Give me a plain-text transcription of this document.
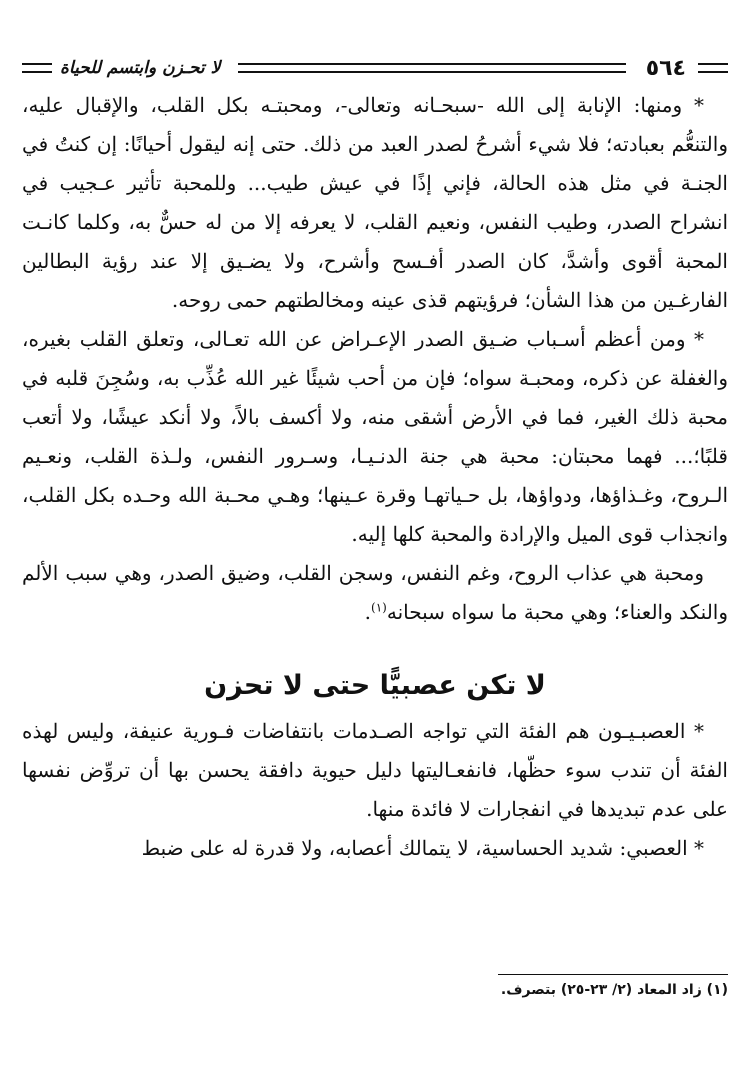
٥٦٤
لا تحـزن وابتسم للحياة

* ومنها: الإنابة إلى الله -سبحـانه وتعالى-، ومحبتـه بكل القلب، والإقبال عليه، والتنعُّم بعبادته؛ فلا شيء أشرحُ لصدر العبد من ذلك. حتى إنه ليقول أحيانًا: إن كنتُ في الجنـة في مثل هذه الحالة، فإني إذًا في عيش طيب... وللمحبة تأثير عـجيب في انشراح الصدر، وطيب النفس، ونعيم القلب، لا يعرفه إلا من له حسٌّ به، وكلما كانـت المحبة أقوى وأشدَّ، كان الصدر أفـسح وأشرح، ولا يضـيق إلا عند رؤية البطالين الفارغـين من هذا الشأن؛ فرؤيتهم قذى عينه ومخالطتهم حمى روحه.

* ومن أعظم أسـباب ضـيق الصدر الإعـراض عن الله تعـالى، وتعلق القلب بغيره، والغفلة عن ذكره، ومحبـة سواه؛ فإن من أحب شيئًا غير الله عُذِّب به، وسُجِنَ قلبه في محبة ذلك الغير، فما في الأرض أشقى منه، ولا أكسف بالاً، ولا أنكد عيشًا، ولا أتعب قلبًا؛... فهما محبتان: محبة هي جنة الدنـيـا، وسـرور النفس، ولـذة القلب، ونعـيم الـروح، وغـذاؤها، ودواؤها، بل حـياتهـا وقرة عـينها؛ وهـي محـبة الله وحـده بكل القلب، وانجذاب قوى الميل والإرادة والمحبة كلها إليه.

ومحبة هي عذاب الروح، وغم النفس، وسجن القلب، وضيق الصدر، وهي سبب الألم والنكد والعناء؛ وهي محبة ما سواه سبحانه$^{(١)}$.

لا تكن عصبيًّا حتى لا تحزن

* العصبـيـون هم الفئة التي تواجه الصـدمات بانتفاضات فـورية عنيفة، وليس لهذه الفئة أن تندب سوء حظّها، فانفعـاليتها دليل حيوية دافقة يحسن بها أن تروِّض نفسها على عدم تبديدها في انفجارات لا فائدة منها.

* العصبي: شديد الحساسية، لا يتمالك أعصابه، ولا قدرة له على ضبط

(١) زاد المعاد (٢/ ٢٣-٢٥) بتصرف.
